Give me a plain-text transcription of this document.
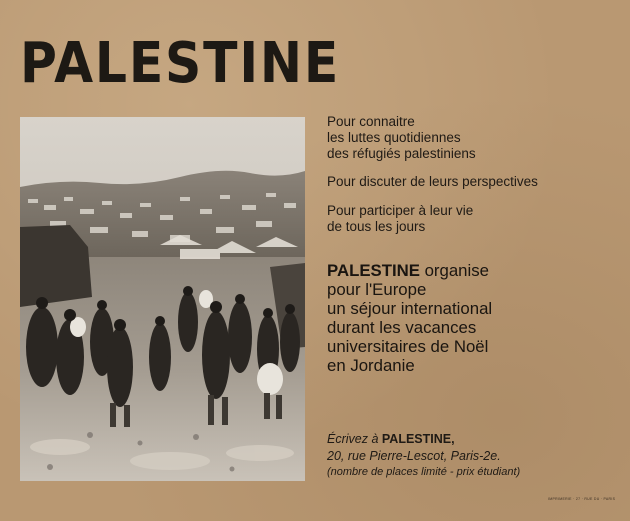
PALESTINE

Pour connaitre

les luttes quotidiennes

des réfugiés palestiniens

Pour discuter de leurs perspectives

Pour participer à leur vie

de tous les jours

PALESTINE organise
pour l'Europe
un séjour international
durant les vacances
universitaires de Noël
en Jordanie
Écrivez à PALESTINE,
20, rue Pierre-Lescot, Paris-2e.
(nombre de places limité - prix étudiant)
IMPRIMERIE · 27 · RUE DU · PARIS
